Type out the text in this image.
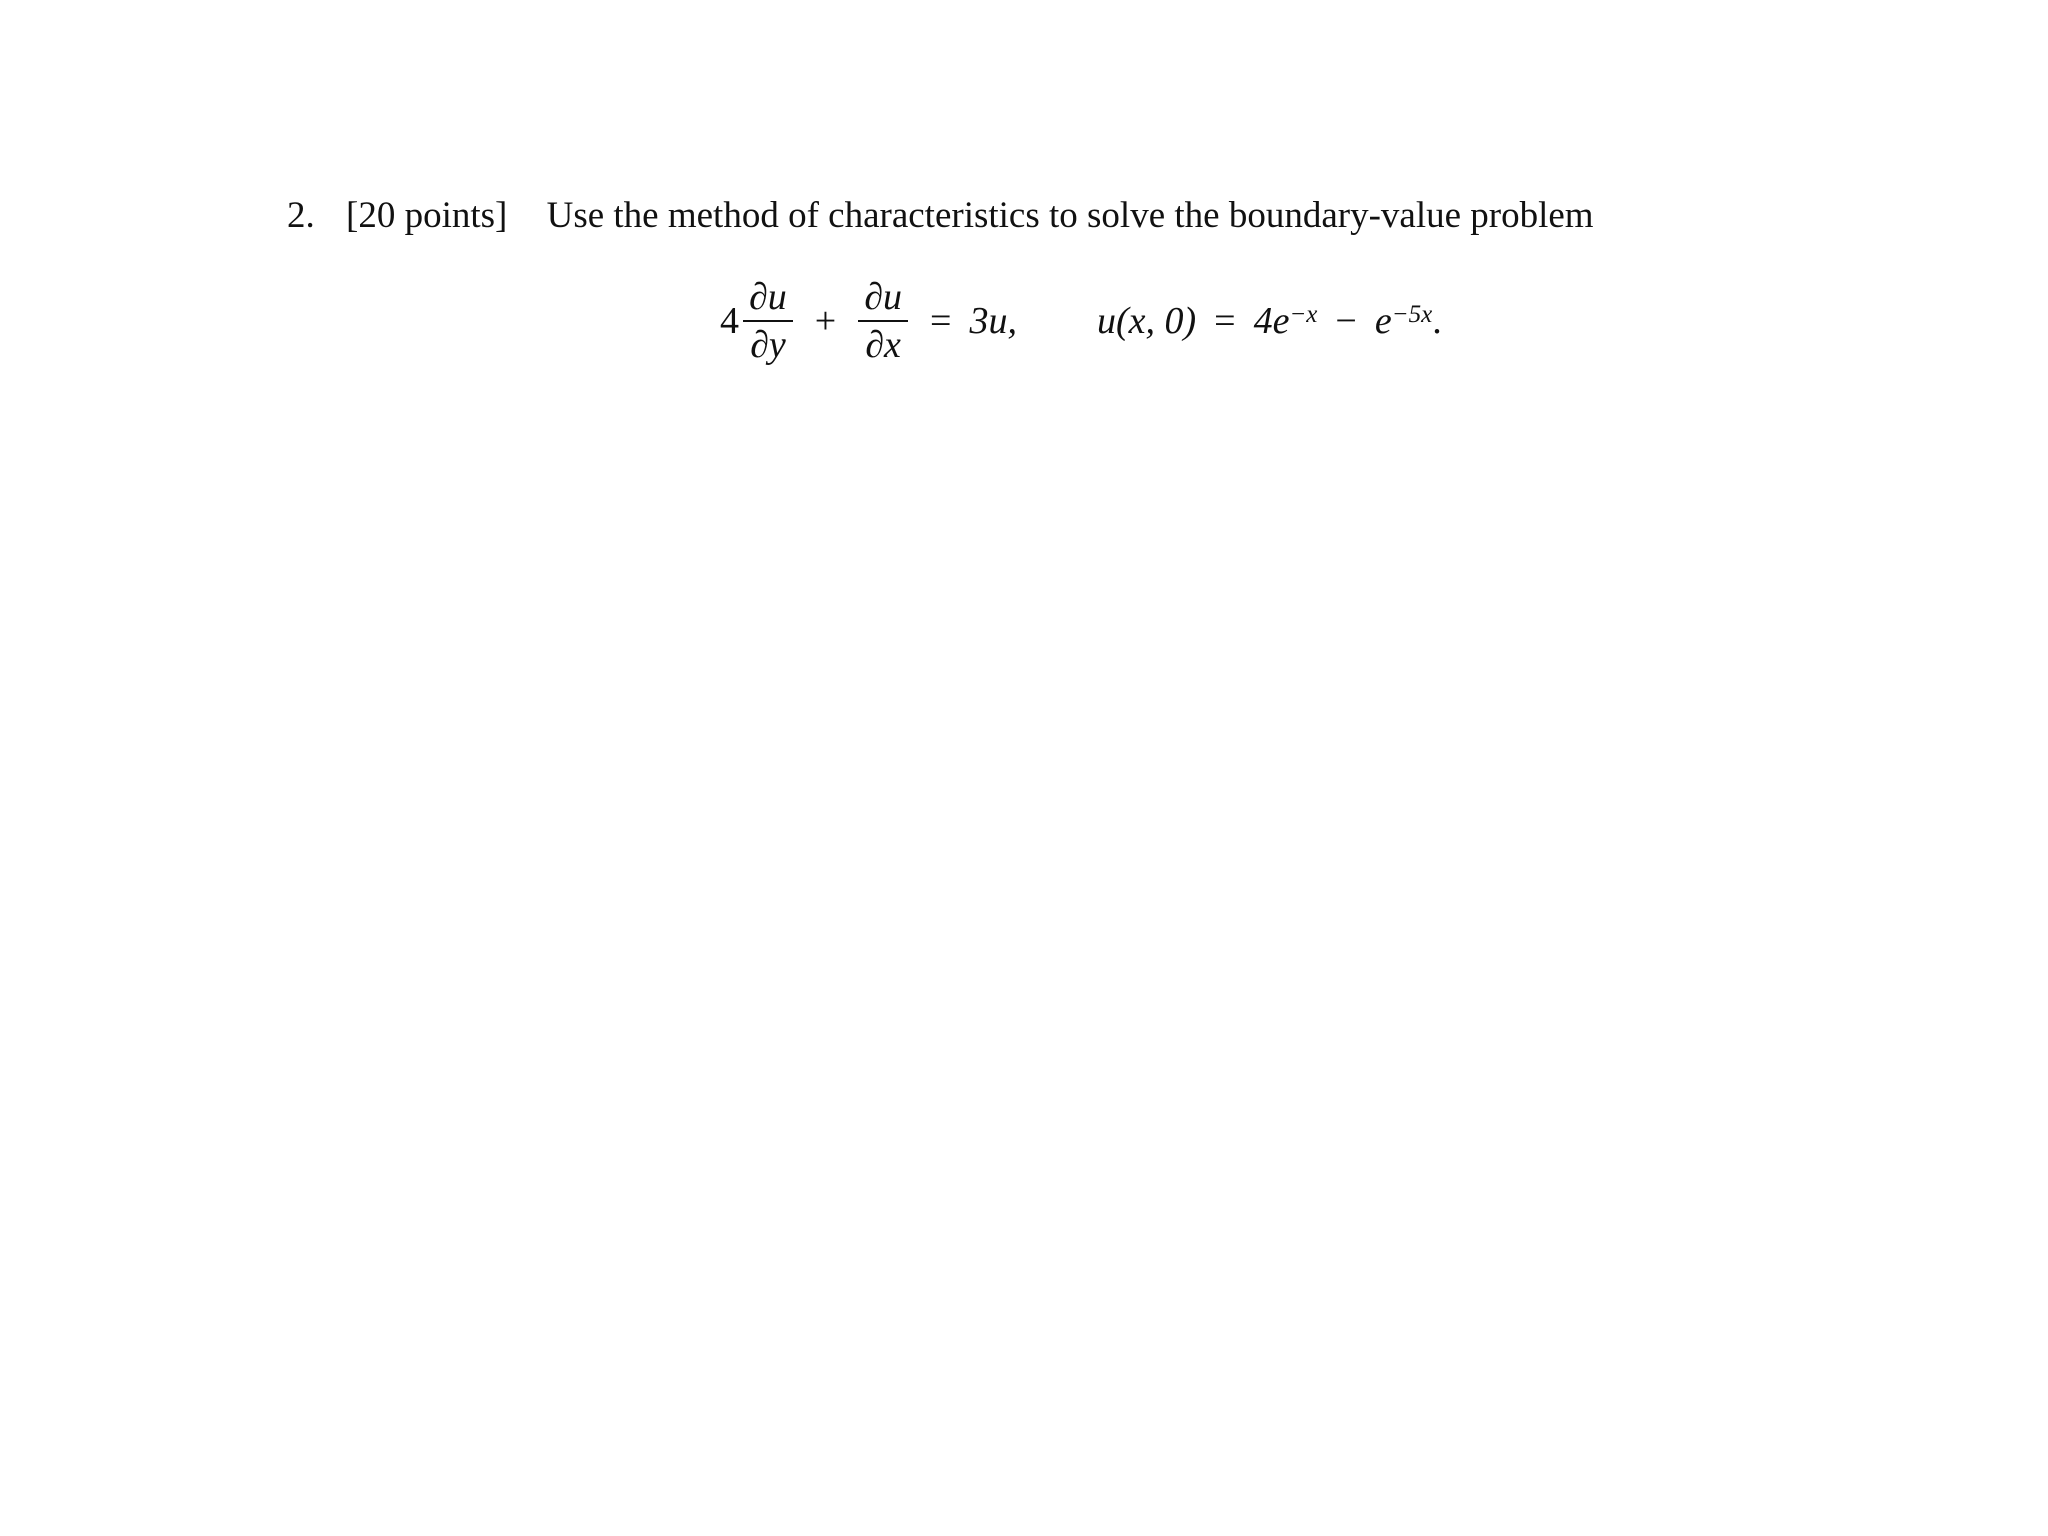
2. [20 points] Use the method of characteristics to solve the boundary-value problem
$4 \frac{\partial u}{\partial y} + \frac{\partial u}{\partial x} = 3u$, u(x, $0) = 4e^{-x} - e^{-5x}$ .
